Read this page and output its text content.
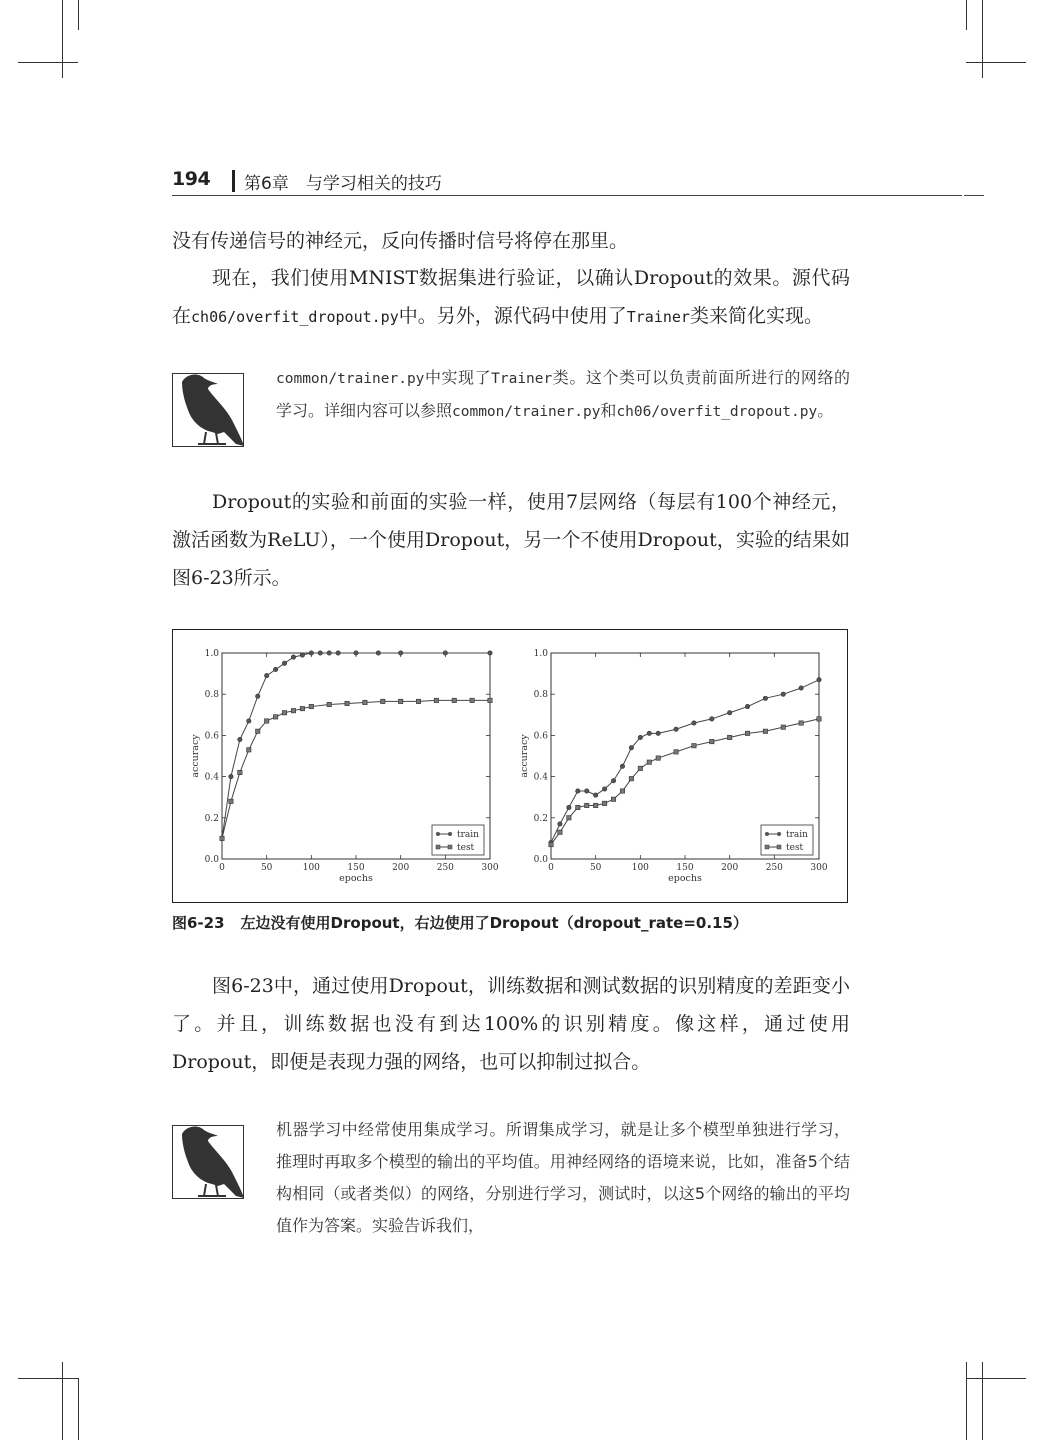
194 第6章　与学习相关的技巧

没有传递信号的神经元，反向传播时信号将停在那里。

现在，我们使用MNIST数据集进行验证，以确认Dropout的效果。源代码在ch06/overfit_dropout.py中。另外，源代码中使用了Trainer类来简化实现。

common/trainer.py中实现了Trainer类。这个类可以负责前面所进行的网络的学习。详细内容可以参照common/trainer.py和ch06/overfit_dropout.py。

Dropout的实验和前面的实验一样，使用7层网络（每层有100个神经元，激活函数为ReLU），一个使用Dropout，另一个不使用Dropout，实验的结果如图6-23所示。

0	50	100	150	200	250	300
0.0
0.2
0.4
0.6
0.8
1.0
epochs
accuracy
train
test
0	50	100	150	200	250	300
0.0
0.2
0.4
0.6
0.8
1.0
epochs
accuracy
train
test
图6-23 左边没有使用Dropout，右边使用了Dropout（dropout_rate=0.15）

图6-23中，通过使用Dropout，训练数据和测试数据的识别精度的差距变小了。并且，训练数据也没有到达100%的识别精度。像这样，通过使用Dropout，即便是表现力强的网络，也可以抑制过拟合。

机器学习中经常使用集成学习。所谓集成学习，就是让多个模型单独进行学习，推理时再取多个模型的输出的平均值。用神经网络的语境来说，比如，准备5个结构相同（或者类似）的网络，分别进行学习，测试时，以这5个网络的输出的平均值作为答案。实验告诉我们，
